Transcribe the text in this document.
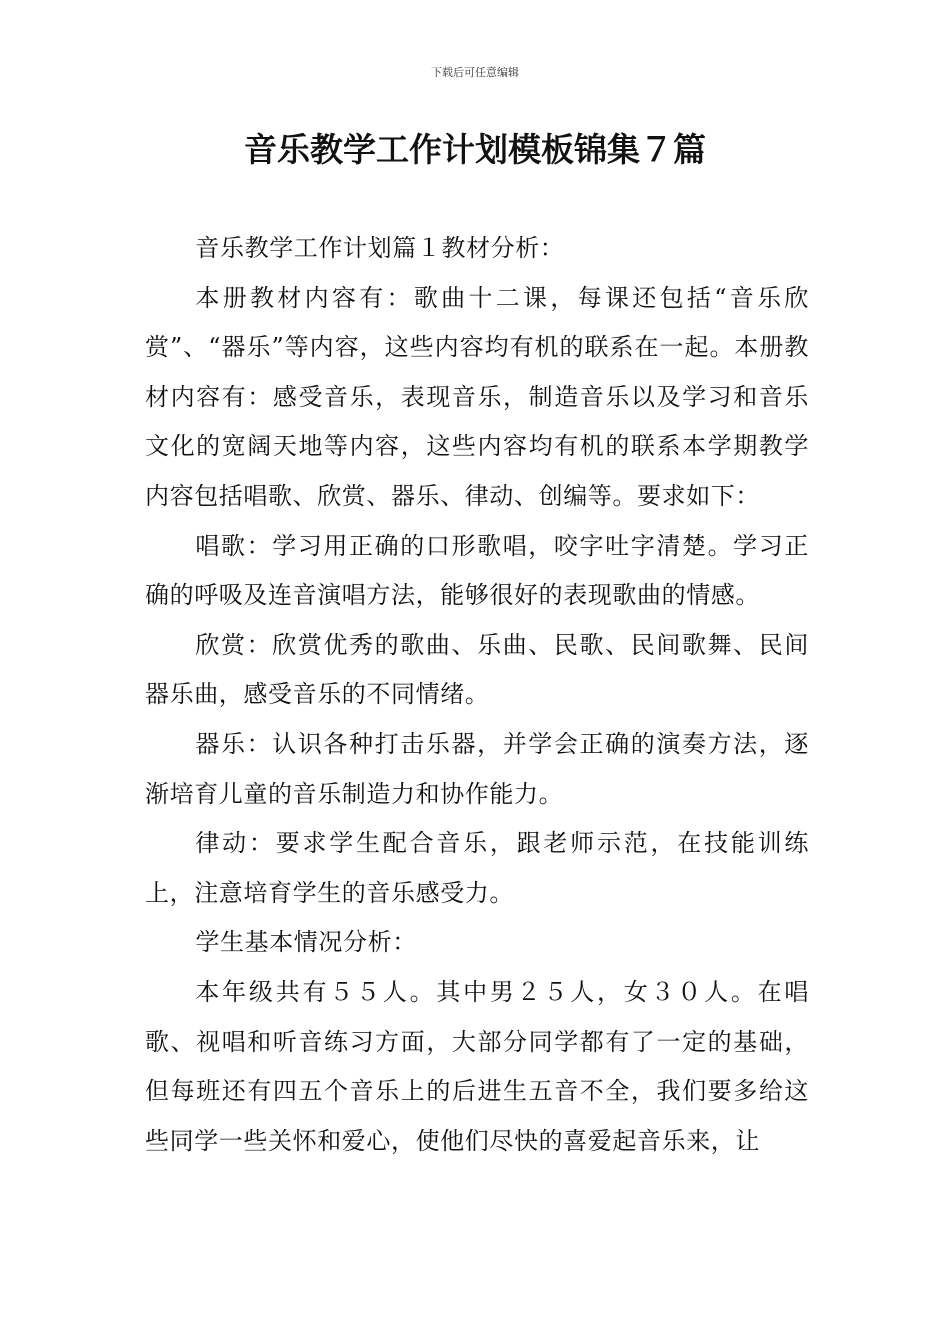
下载后可任意编辑
音乐教学工作计划模板锦集７篇

音乐教学工作计划篇１教材分析：

本册教材内容有：歌曲十二课，每课还包括“音乐欣赏”、“器乐”等内容，这些内容均有机的联系在一起。本册教材内容有：感受音乐，表现音乐，制造音乐以及学习和音乐文化的宽阔天地等内容，这些内容均有机的联系本学期教学内容包括唱歌、欣赏、器乐、律动、创编等。要求如下：

唱歌：学习用正确的口形歌唱，咬字吐字清楚。学习正确的呼吸及连音演唱方法，能够很好的表现歌曲的情感。

欣赏：欣赏优秀的歌曲、乐曲、民歌、民间歌舞、民间器乐曲，感受音乐的不同情绪。

器乐：认识各种打击乐器，并学会正确的演奏方法，逐渐培育儿童的音乐制造力和协作能力。

律动：要求学生配合音乐，跟老师示范，在技能训练上，注意培育学生的音乐感受力。

学生基本情况分析：

本年级共有５５人。其中男２５人，女３０人。在唱歌、视唱和听音练习方面，大部分同学都有了一定的基础，但每班还有四五个音乐上的后进生五音不全，我们要多给这些同学一些关怀和爱心，使他们尽快的喜爱起音乐来，让
